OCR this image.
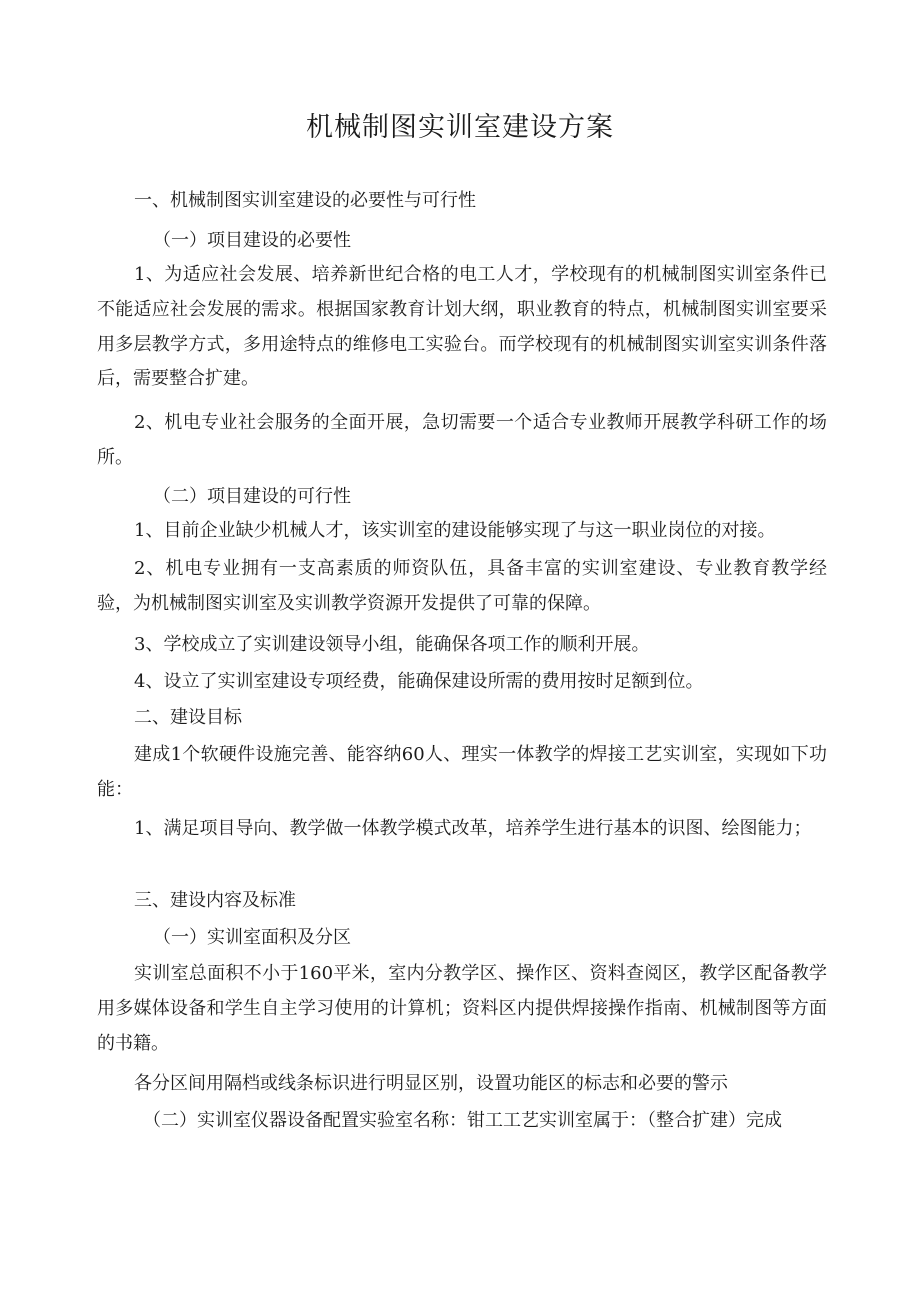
机械制图实训室建设方案

一、机械制图实训室建设的必要性与可行性

（一）项目建设的必要性

1、为适应社会发展、培养新世纪合格的电工人才，学校现有的机械制图实训室条件已不能适应社会发展的需求。根据国家教育计划大纲，职业教育的特点，机械制图实训室要采用多层教学方式，多用途特点的维修电工实验台。而学校现有的机械制图实训室实训条件落后，需要整合扩建。

2、机电专业社会服务的全面开展，急切需要一个适合专业教师开展教学科研工作的场所。

（二）项目建设的可行性

1、目前企业缺少机械人才，该实训室的建设能够实现了与这一职业岗位的对接。

2、机电专业拥有一支高素质的师资队伍，具备丰富的实训室建设、专业教育教学经验，为机械制图实训室及实训教学资源开发提供了可靠的保障。

3、学校成立了实训建设领导小组，能确保各项工作的顺利开展。

4、设立了实训室建设专项经费，能确保建设所需的费用按时足额到位。

二、建设目标

建成1个软硬件设施完善、能容纳60人、理实一体教学的焊接工艺实训室，实现如下功能：

1、满足项目导向、教学做一体教学模式改革，培养学生进行基本的识图、绘图能力；

三、建设内容及标准

（一）实训室面积及分区

实训室总面积不小于160平米，室内分教学区、操作区、资料查阅区，教学区配备教学用多媒体设备和学生自主学习使用的计算机；资料区内提供焊接操作指南、机械制图等方面的书籍。

各分区间用隔档或线条标识进行明显区别，设置功能区的标志和必要的警示

（二）实训室仪器设备配置实验室名称：钳工工艺实训室属于：（整合扩建）完成
